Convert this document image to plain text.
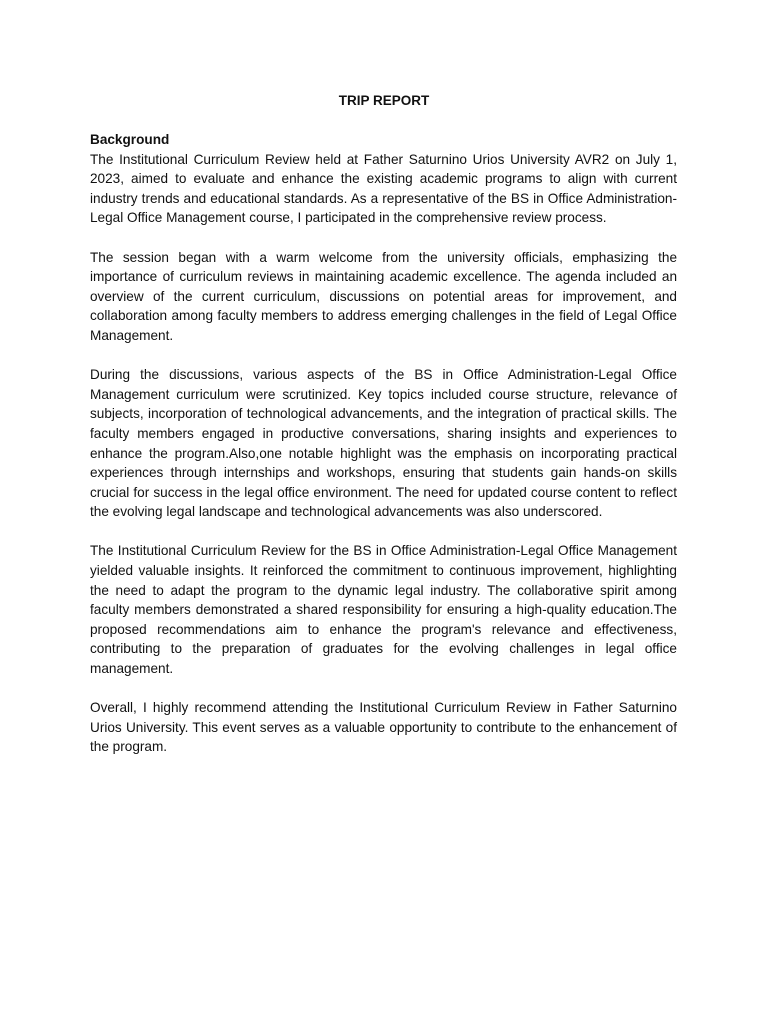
TRIP REPORT

Background

The Institutional Curriculum Review held at Father Saturnino Urios University AVR2 on July 1, 2023, aimed to evaluate and enhance the existing academic programs to align with current industry trends and educational standards. As a representative of the BS in Office Administration-Legal Office Management course, I participated in the comprehensive review process.

The session began with a warm welcome from the university officials, emphasizing the importance of curriculum reviews in maintaining academic excellence. The agenda included an overview of the current curriculum, discussions on potential areas for improvement, and collaboration among faculty members to address emerging challenges in the field of Legal Office Management.

During the discussions, various aspects of the BS in Office Administration-Legal Office Management curriculum were scrutinized. Key topics included course structure, relevance of subjects, incorporation of technological advancements, and the integration of practical skills. The faculty members engaged in productive conversations, sharing insights and experiences to enhance the program.Also,one notable highlight was the emphasis on incorporating practical experiences through internships and workshops, ensuring that students gain hands-on skills crucial for success in the legal office environment. The need for updated course content to reflect the evolving legal landscape and technological advancements was also underscored.

The Institutional Curriculum Review for the BS in Office Administration-Legal Office Management yielded valuable insights. It reinforced the commitment to continuous improvement, highlighting the need to adapt the program to the dynamic legal industry. The collaborative spirit among faculty members demonstrated a shared responsibility for ensuring a high-quality education.The proposed recommendations aim to enhance the program's relevance and effectiveness, contributing to the preparation of graduates for the evolving challenges in legal office management.

Overall, I highly recommend attending the Institutional Curriculum Review in Father Saturnino Urios University. This event serves as a valuable opportunity to contribute to the enhancement of the program.
